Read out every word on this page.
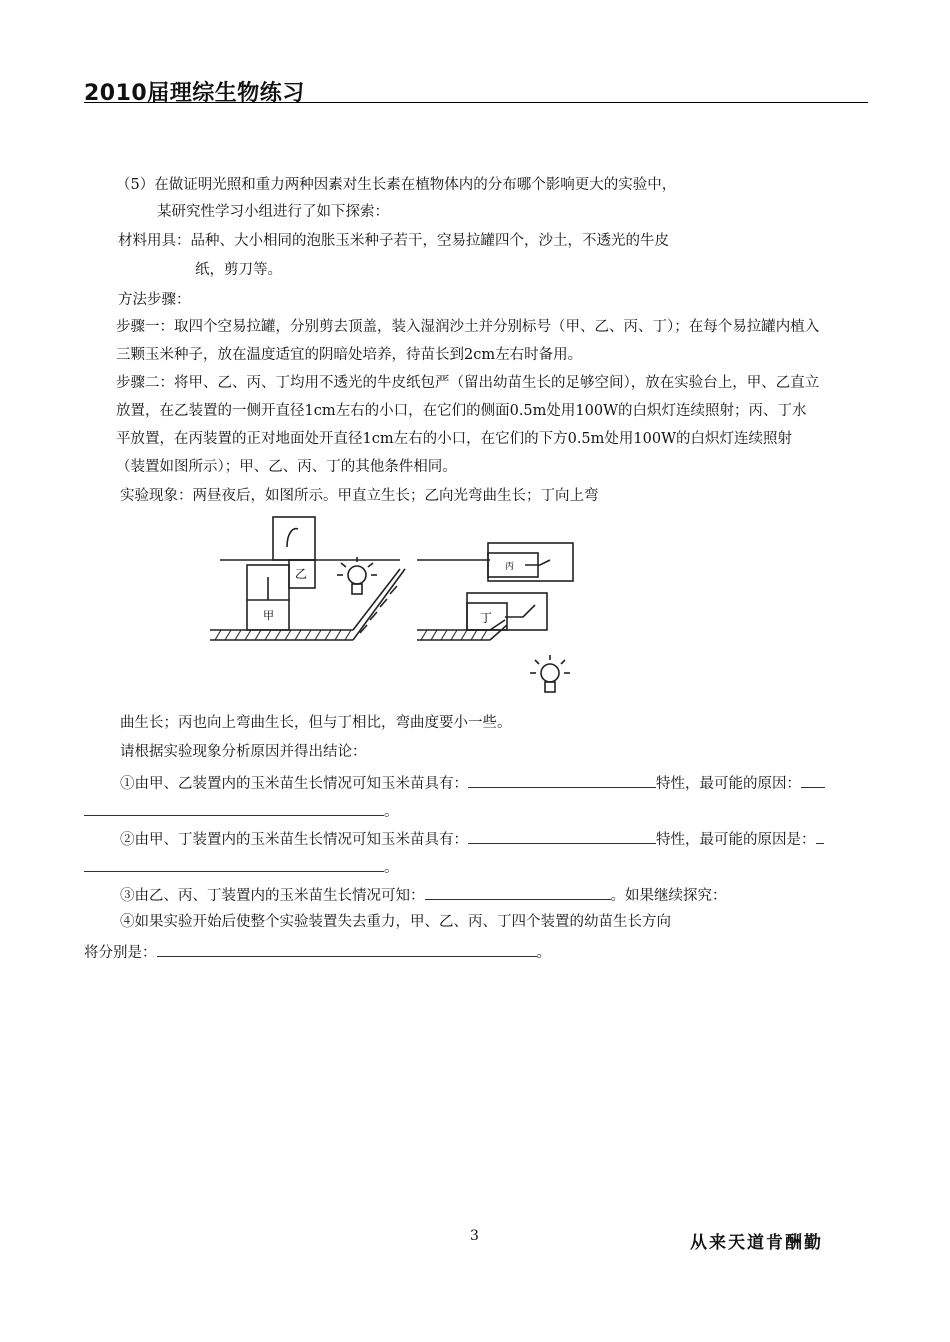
2010届理综生物练习
（5）在做证明光照和重力两种因素对生长素在植物体内的分布哪个影响更大的实验中，
某研究性学习小组进行了如下探索：
材料用具：品种、大小相同的泡胀玉米种子若干，空易拉罐四个，沙土，不透光的牛皮
纸，剪刀等。
方法步骤：
步骤一：取四个空易拉罐，分别剪去顶盖，装入湿润沙土并分别标号（甲、乙、丙、丁）；在每个易拉罐内植入
三颗玉米种子，放在温度适宜的阴暗处培养，待苗长到2cm左右时备用。
步骤二：将甲、乙、丙、丁均用不透光的牛皮纸包严（留出幼苗生长的足够空间），放在实验台上，甲、乙直立
放置，在乙装置的一侧开直径1cm左右的小口，在它们的侧面0.5m处用100W的白炽灯连续照射；丙、丁水
平放置，在丙装置的正对地面处开直径1cm左右的小口，在它们的下方0.5m处用100W的白炽灯连续照射
（装置如图所示）；甲、乙、丙、丁的其他条件相同。
实验现象：两昼夜后，如图所示。甲直立生长；乙向光弯曲生长；丁向上弯
甲
乙	丙
丁
曲生长；丙也向上弯曲生长，但与丁相比，弯曲度要小一些。
请根据实验现象分析原因并得出结论：
①由甲、乙装置内的玉米苗生长情况可知玉米苗具有：	特性，最可能的原因：
。
②由甲、丁装置内的玉米苗生长情况可知玉米苗具有：	特性，最可能的原因是：
。
③由乙、丙、丁装置内的玉米苗生长情况可知：	。如果继续探究：
④如果实验开始后使整个实验装置失去重力，甲、乙、丙、丁四个装置的幼苗生长方向
将分别是：	。
3	从来天道肯酬勤
